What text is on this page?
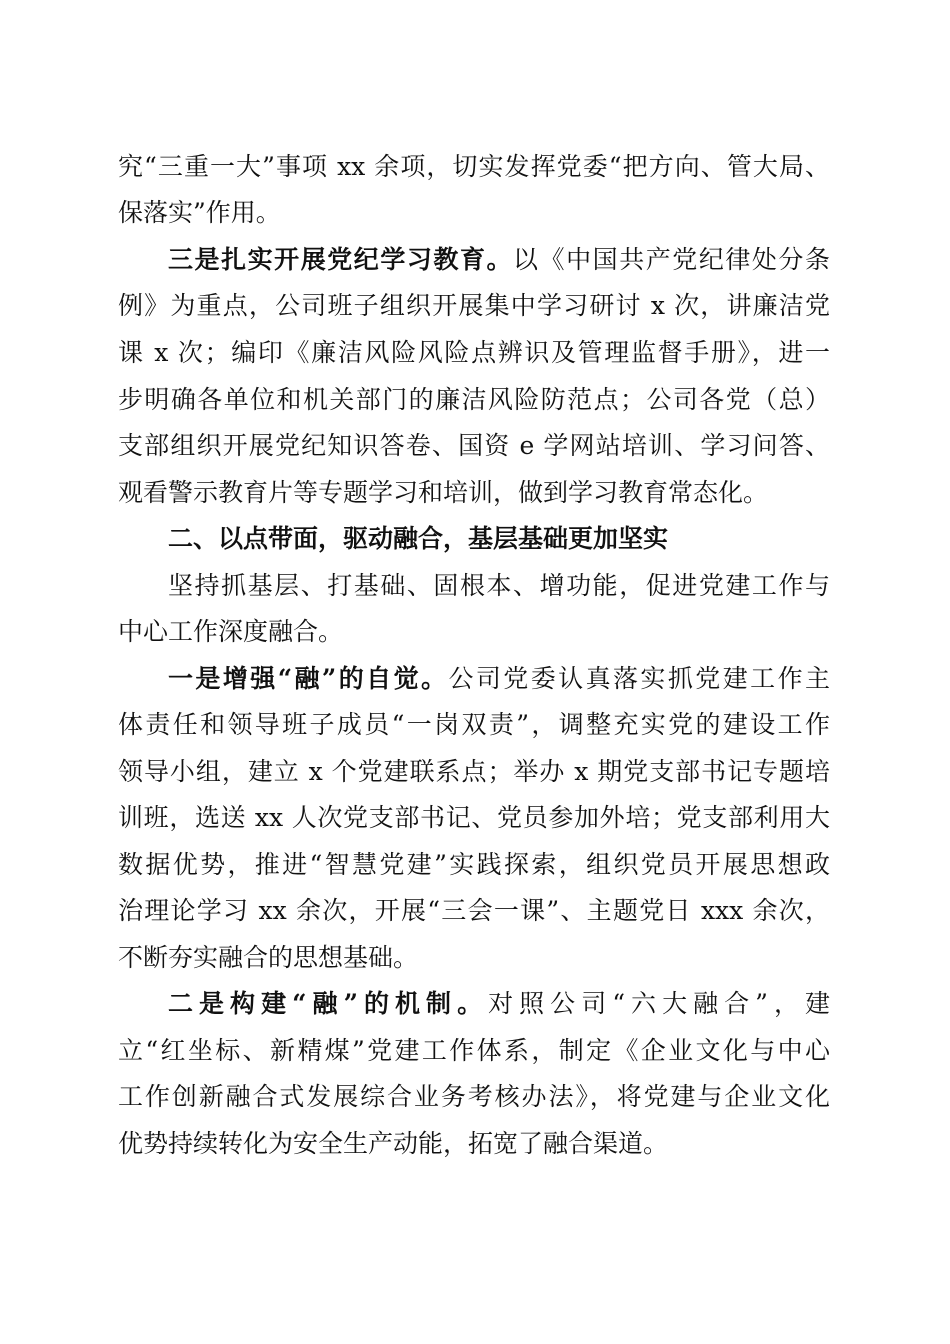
究“三重一大”事项 xx 余项，切实发挥党委“把方向、管大局、
保落实”作用。
三是扎实开展党纪学习教育。以《中国共产党纪律处分条
例》为重点，公司班子组织开展集中学习研讨 x 次，讲廉洁党
课 x 次；编印《廉洁风险风险点辨识及管理监督手册》，进一
步明确各单位和机关部门的廉洁风险防范点；公司各党（总）
支部组织开展党纪知识答卷、国资 e 学网站培训、学习问答、
观看警示教育片等专题学习和培训，做到学习教育常态化。
二、以点带面，驱动融合，基层基础更加坚实
坚持抓基层、打基础、固根本、增功能，促进党建工作与
中心工作深度融合。
一是增强“融”的自觉。公司党委认真落实抓党建工作主
体责任和领导班子成员“一岗双责”，调整充实党的建设工作
领导小组，建立 x 个党建联系点；举办 x 期党支部书记专题培
训班，选送 xx 人次党支部书记、党员参加外培；党支部利用大
数据优势，推进“智慧党建”实践探索，组织党员开展思想政
治理论学习 xx 余次，开展“三会一课”、主题党日 xxx 余次，
不断夯实融合的思想基础。
二是构建“融”的机制。对照公司“六大融合”，建
立“红坐标、新精煤”党建工作体系，制定《企业文化与中心
工作创新融合式发展综合业务考核办法》，将党建与企业文化
优势持续转化为安全生产动能，拓宽了融合渠道。
